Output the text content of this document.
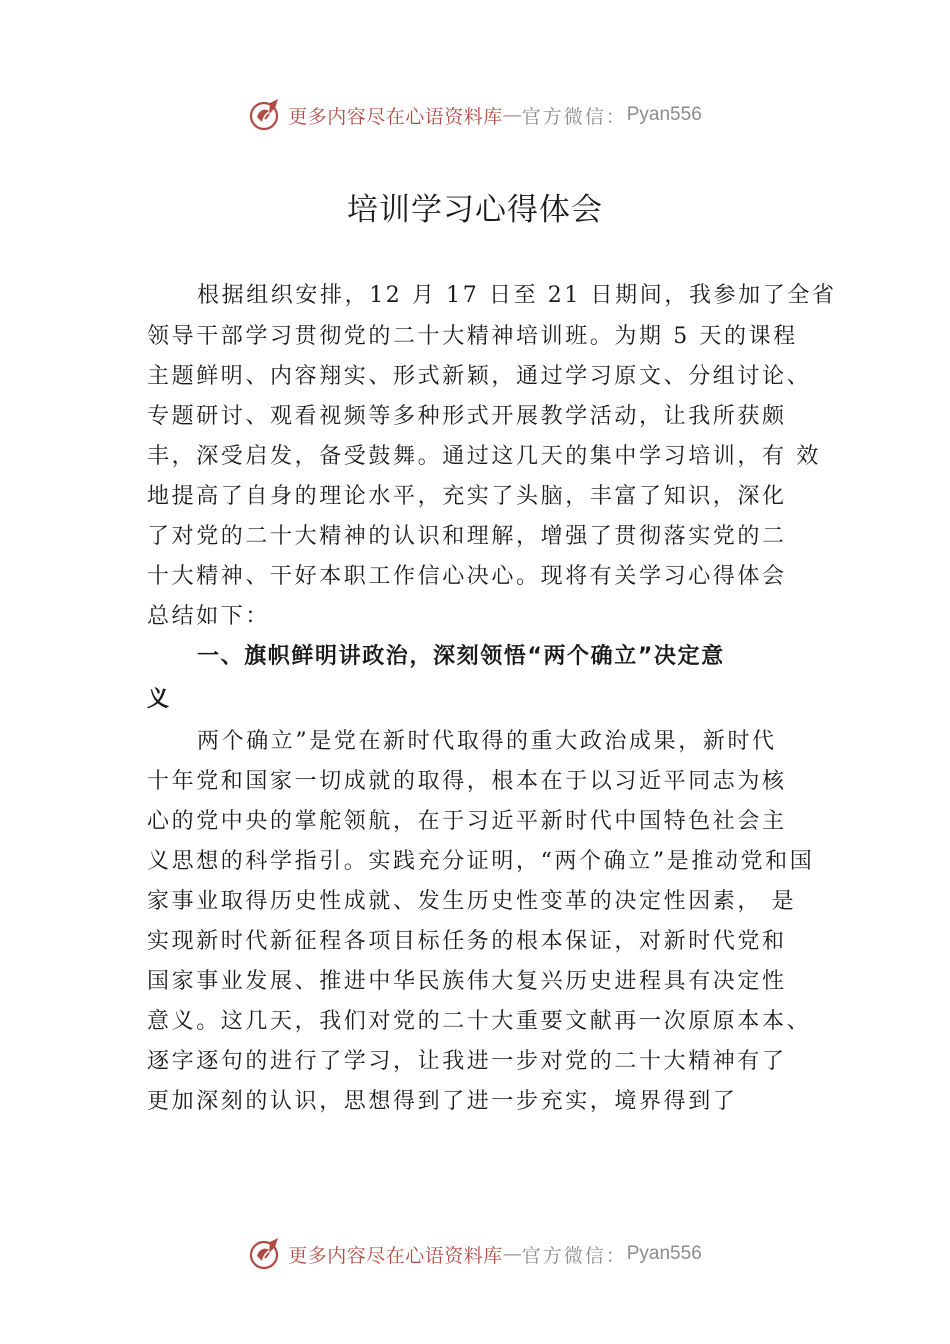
更多内容尽在心语资料库 — 官方微信： Pyan556
培训学习心得体会
根据组织安排，12 月 17 日至 21 日期间，我参加了全省
领导干部学习贯彻党的二十大精神培训班。为期 5 天的课程
主题鲜明、内容翔实、形式新颖，通过学习原文、分组讨论、
专题研讨、观看视频等多种形式开展教学活动，让我所获颇
丰，深受启发，备受鼓舞。通过这几天的集中学习培训，有 效
地提高了自身的理论水平，充实了头脑，丰富了知识，深化
了对党的二十大精神的认识和理解，增强了贯彻落实党的二
十大精神、干好本职工作信心决心。现将有关学习心得体会
总结如下：
一、旗帜鲜明讲政治，深刻领悟“两个确立”决定意
义
两个确立”是党在新时代取得的重大政治成果，新时代
十年党和国家一切成就的取得，根本在于以习近平同志为核
心的党中央的掌舵领航，在于习近平新时代中国特色社会主
义思想的科学指引。实践充分证明，“两个确立”是推动党和国
家事业取得历史性成就、发生历史性变革的决定性因素， 是
实现新时代新征程各项目标任务的根本保证，对新时代党和
国家事业发展、推进中华民族伟大复兴历史进程具有决定性
意义。这几天，我们对党的二十大重要文献再一次原原本本、
逐字逐句的进行了学习，让我进一步对党的二十大精神有了
更加深刻的认识，思想得到了进一步充实，境界得到了
更多内容尽在心语资料库 — 官方微信： Pyan556
